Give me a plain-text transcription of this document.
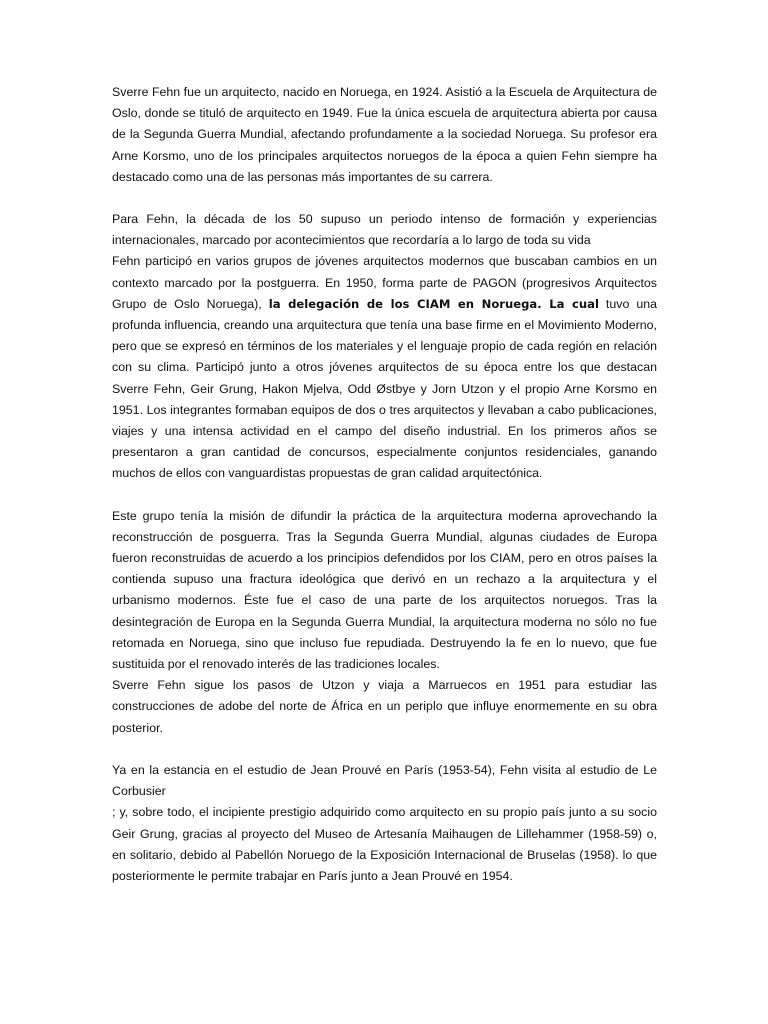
Sverre Fehn fue un arquitecto, nacido en Noruega, en 1924. Asistió a la Escuela de Arquitectura de Oslo, donde se tituló de arquitecto en 1949. Fue la única escuela de arquitectura abierta por causa de la Segunda Guerra Mundial, afectando profundamente a la sociedad Noruega. Su profesor era Arne Korsmo, uno de los principales arquitectos noruegos de la época a quien Fehn siempre ha destacado como una de las personas más importantes de su carrera.

Para Fehn, la década de los 50 supuso un periodo intenso de formación y experiencias internacionales, marcado por acontecimientos que recordaría a lo largo de toda su vida

Fehn participó en varios grupos de jóvenes arquitectos modernos que buscaban cambios en un contexto marcado por la postguerra. En 1950, forma parte de PAGON (progresivos Arquitectos Grupo de Oslo Noruega), la delegación de los CIAM en Noruega. La cual tuvo una profunda influencia, creando una arquitectura que tenía una base firme en el Movimiento Moderno, pero que se expresó en términos de los materiales y el lenguaje propio de cada región en relación con su clima. Participó junto a otros jóvenes arquitectos de su época entre los que destacan Sverre Fehn, Geir Grung, Hakon Mjelva, Odd Østbye y Jorn Utzon y el propio Arne Korsmo en 1951. Los integrantes formaban equipos de dos o tres arquitectos y llevaban a cabo publicaciones, viajes y una intensa actividad en el campo del diseño industrial. En los primeros años se presentaron a gran cantidad de concursos, especialmente conjuntos residenciales, ganando muchos de ellos con vanguardistas propuestas de gran calidad arquitectónica.

Este grupo tenía la misión de difundir la práctica de la arquitectura moderna aprovechando la reconstrucción de posguerra. Tras la Segunda Guerra Mundial, algunas ciudades de Europa fueron reconstruidas de acuerdo a los principios defendidos por los CIAM, pero en otros países la contienda supuso una fractura ideológica que derivó en un rechazo a la arquitectura y el urbanismo modernos. Éste fue el caso de una parte de los arquitectos noruegos. Tras la desintegración de Europa en la Segunda Guerra Mundial, la arquitectura moderna no sólo no fue retomada en Noruega, sino que incluso fue repudiada. Destruyendo la fe en lo nuevo, que fue sustituida por el renovado interés de las tradiciones locales.

Sverre Fehn sigue los pasos de Utzon y viaja a Marruecos en 1951 para estudiar las construcciones de adobe del norte de África en un periplo que influye enormemente en su obra posterior.

Ya en la estancia en el estudio de Jean Prouvé en París (1953-54), Fehn visita al estudio de Le Corbusier

; y, sobre todo, el incipiente prestigio adquirido como arquitecto en su propio país junto a su socio Geir Grung, gracias al proyecto del Museo de Artesanía Maihaugen de Lillehammer (1958-59) o, en solitario, debido al Pabellón Noruego de la Exposición Internacional de Bruselas (1958). lo que posteriormente le permite trabajar en París junto a Jean Prouvé en 1954.
